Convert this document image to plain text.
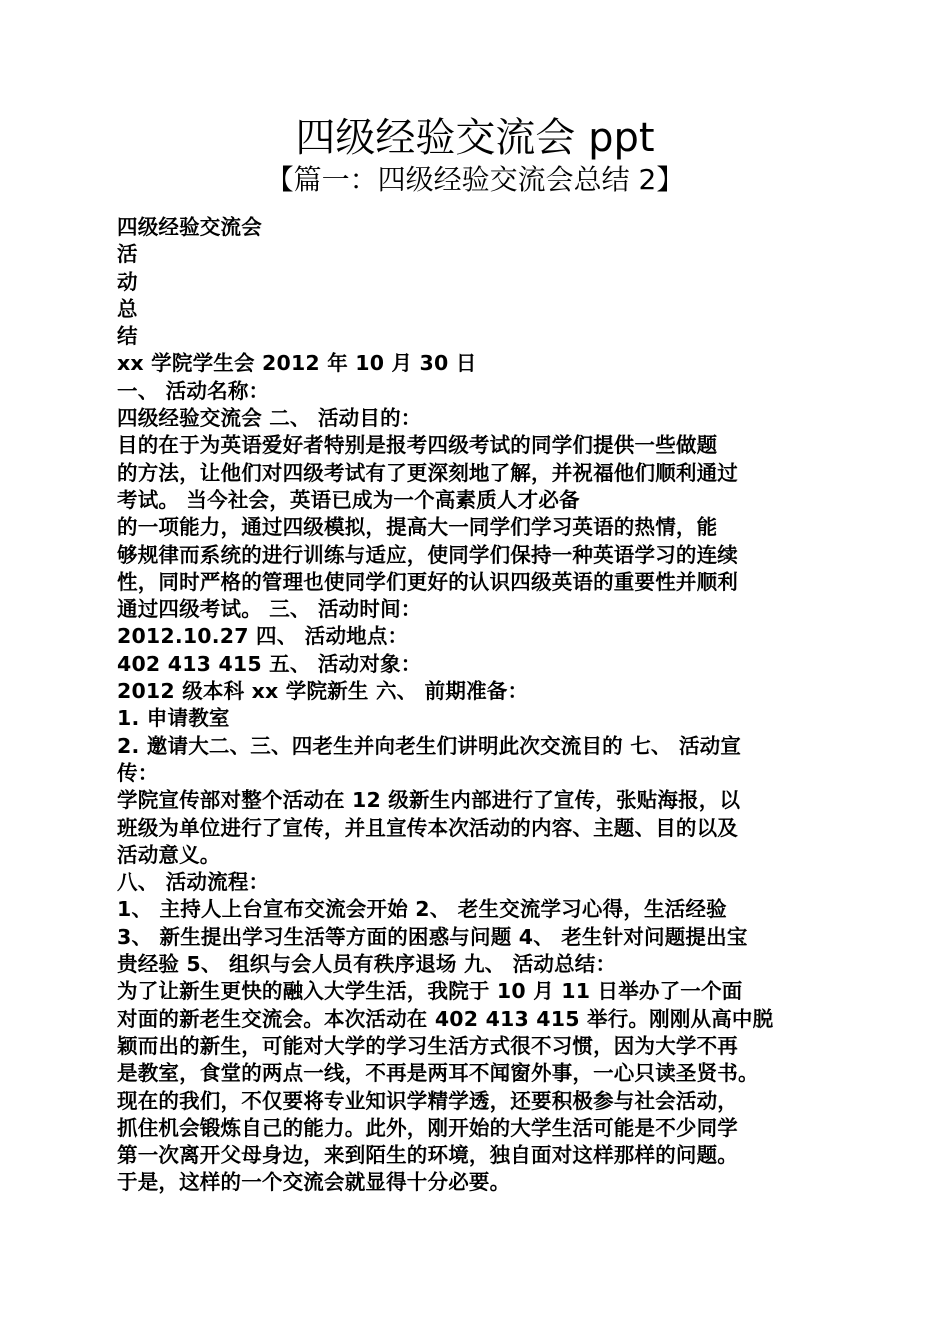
四级经验交流会 ppt
【篇一：四级经验交流会总结 2】
四级经验交流会
活
动
总
结
xx 学院学生会 2012 年 10 月 30 日
一、 活动名称：
四级经验交流会 二、 活动目的：
目的在于为英语爱好者特别是报考四级考试的同学们提供一些做题
的方法，让他们对四级考试有了更深刻地了解，并祝福他们顺利通过
考试。 当今社会，英语已成为一个高素质人才必备
的一项能力，通过四级模拟，提高大一同学们学习英语的热情，能
够规律而系统的进行训练与适应，使同学们保持一种英语学习的连续
性，同时严格的管理也使同学们更好的认识四级英语的重要性并顺利
通过四级考试。 三、 活动时间：
2012.10.27 四、 活动地点：
402 413 415 五、 活动对象：
2012 级本科 xx 学院新生 六、 前期准备：
1. 申请教室
2. 邀请大二、三、四老生并向老生们讲明此次交流目的 七、 活动宣
传：
学院宣传部对整个活动在 12 级新生内部进行了宣传，张贴海报，以
班级为单位进行了宣传，并且宣传本次活动的内容、主题、目的以及
活动意义。
八、 活动流程：
1、 主持人上台宣布交流会开始 2、 老生交流学习心得，生活经验
3、 新生提出学习生活等方面的困惑与问题 4、 老生针对问题提出宝
贵经验 5、 组织与会人员有秩序退场 九、 活动总结：
为了让新生更快的融入大学生活，我院于 10 月 11 日举办了一个面
对面的新老生交流会。本次活动在 402 413 415 举行。刚刚从高中脱
颖而出的新生，可能对大学的学习生活方式很不习惯，因为大学不再
是教室，食堂的两点一线，不再是两耳不闻窗外事，一心只读圣贤书。
现在的我们，不仅要将专业知识学精学透，还要积极参与社会活动，
抓住机会锻炼自己的能力。此外，刚开始的大学生活可能是不少同学
第一次离开父母身边，来到陌生的环境，独自面对这样那样的问题。
于是，这样的一个交流会就显得十分必要。
